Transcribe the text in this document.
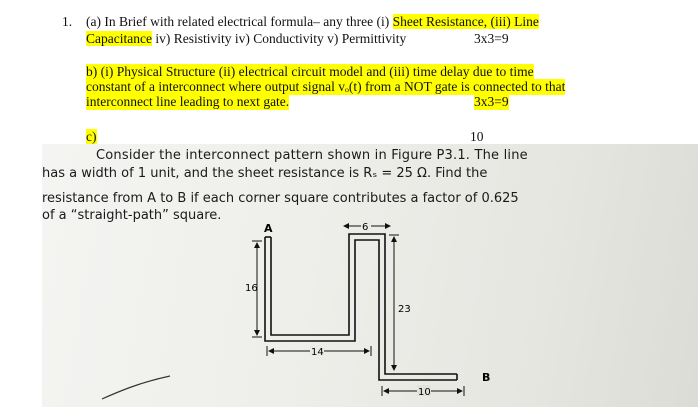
1. (a) In Brief with related electrical formula– any three (i) Sheet Resistance, (iii) Line
Capacitance iv) Resistivity iv) Conductivity v) Permittivity	3x3=9
b) (i) Physical Structure (ii) electrical circuit model and (iii) time delay due to time
constant of a interconnect where output signal vₒ(t) from a NOT gate is connected to that
interconnect line leading to next gate.	3x3=9
c)	10
Consider the interconnect pattern shown in Figure P3.1. The line
has a width of 1 unit, and the sheet resistance is Rₛ = 25 Ω. Find the
resistance from A to B if each corner square contributes a factor of 0.625
of a “straight-path” square.
A
B
16
14
6
23
10
